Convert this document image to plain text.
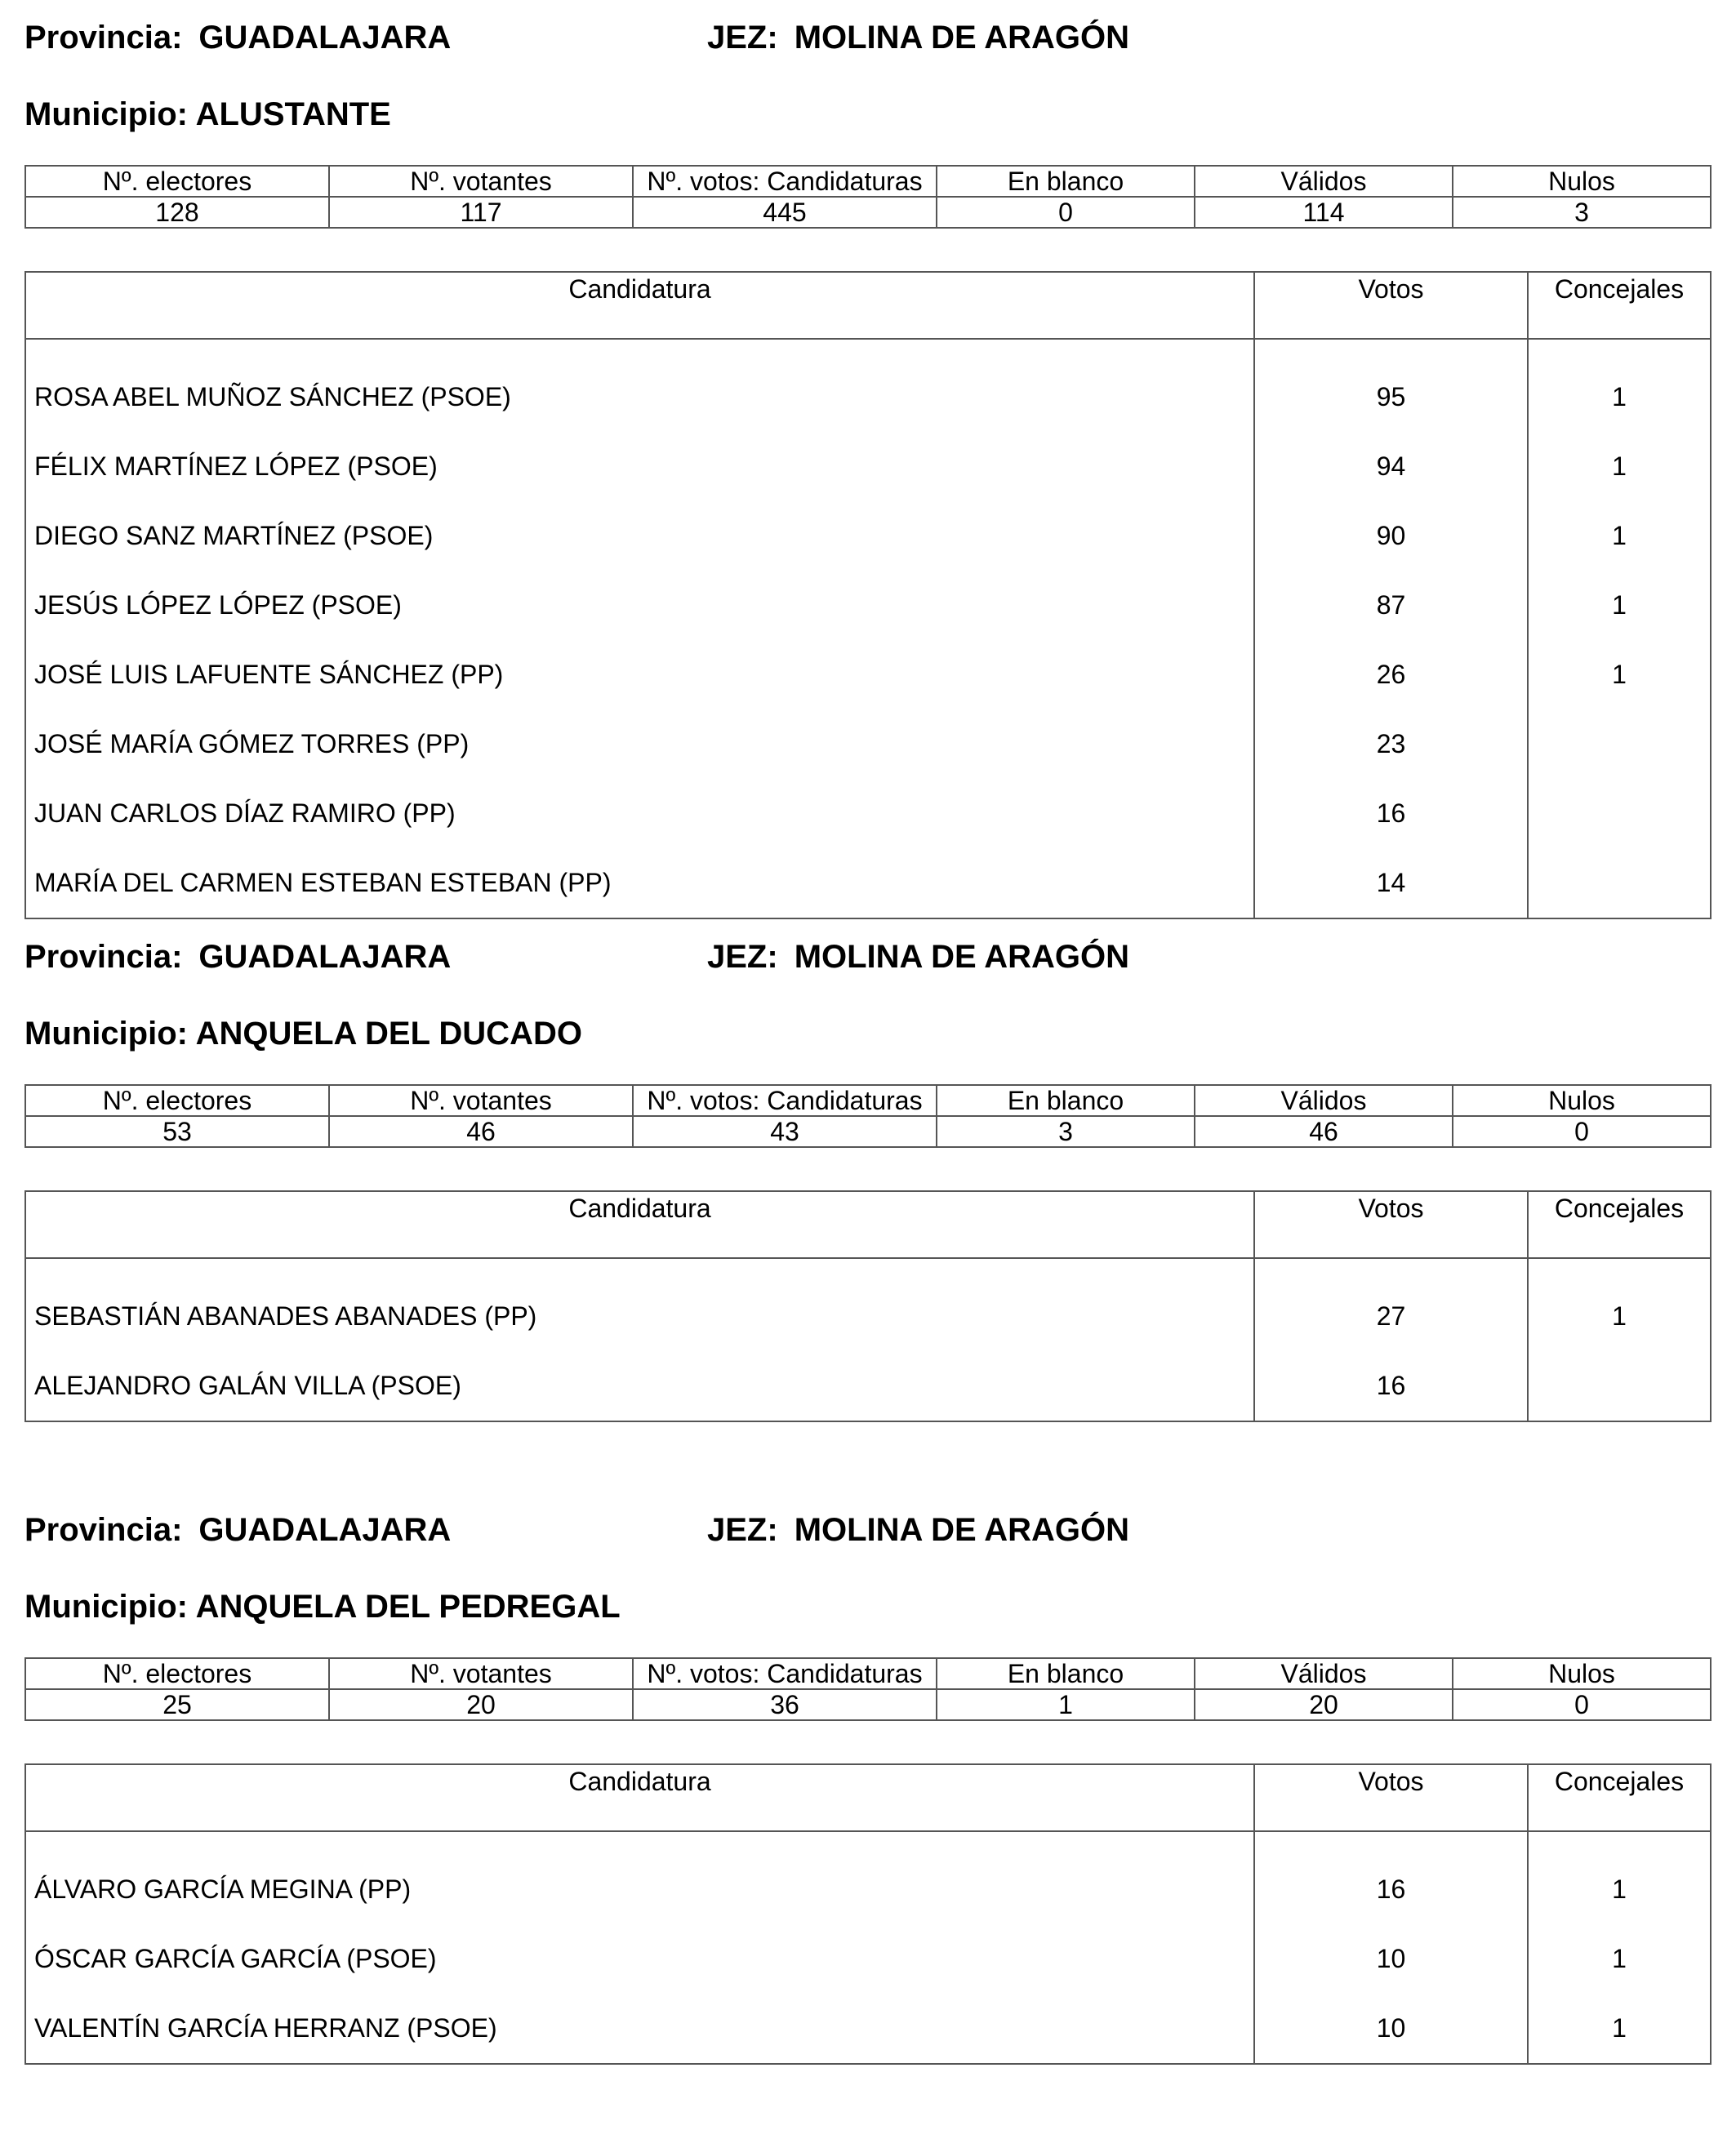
Provincia: GUADALAJARA	JEZ: MOLINA DE ARAGÓN
Municipio: ALUSTANTE
Nº. electores	Nº. votantes	Nº. votos: Candidaturas	En blanco	Válidos	Nulos
128	117	445	0	114	3
Candidatura	Votos	Concejales
ROSA ABEL MUÑOZ SÁNCHEZ (PSOE)	95	1
FÉLIX MARTÍNEZ LÓPEZ (PSOE)	94	1
DIEGO SANZ MARTÍNEZ (PSOE)	90	1
JESÚS LÓPEZ LÓPEZ (PSOE)	87	1
JOSÉ LUIS LAFUENTE SÁNCHEZ (PP)	26	1
JOSÉ MARÍA GÓMEZ TORRES (PP)	23	
JUAN CARLOS DÍAZ RAMIRO (PP)	16	
MARÍA DEL CARMEN ESTEBAN ESTEBAN (PP)	14	
Provincia: GUADALAJARA	JEZ: MOLINA DE ARAGÓN
Municipio: ANQUELA DEL DUCADO
Nº. electores	Nº. votantes	Nº. votos: Candidaturas	En blanco	Válidos	Nulos
53	46	43	3	46	0
Candidatura	Votos	Concejales
SEBASTIÁN ABANADES ABANADES (PP)	27	1
ALEJANDRO GALÁN VILLA (PSOE)	16	
Provincia: GUADALAJARA	JEZ: MOLINA DE ARAGÓN
Municipio: ANQUELA DEL PEDREGAL
Nº. electores	Nº. votantes	Nº. votos: Candidaturas	En blanco	Válidos	Nulos
25	20	36	1	20	0
Candidatura	Votos	Concejales
ÁLVARO GARCÍA MEGINA (PP)	16	1
ÓSCAR GARCÍA GARCÍA (PSOE)	10	1
VALENTÍN GARCÍA HERRANZ (PSOE)	10	1
